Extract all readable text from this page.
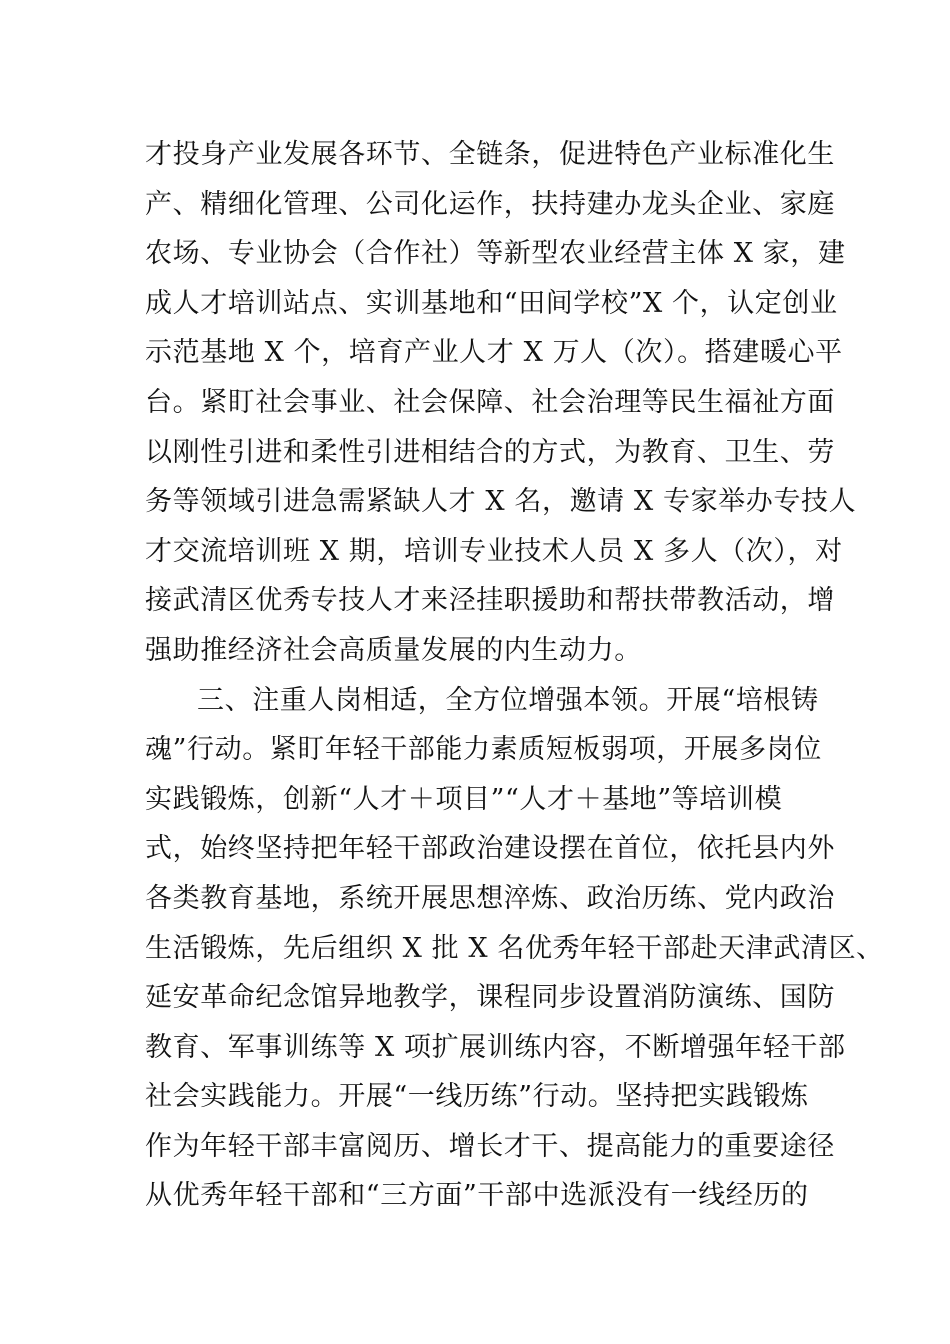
才投身产业发展各环节、全链条，促进特色产业标准化生
产、精细化管理、公司化运作，扶持建办龙头企业、家庭
农场、专业协会（合作社）等新型农业经营主体 X 家，建
成人才培训站点、实训基地和“田间学校”X 个，认定创业
示范基地 X 个，培育产业人才 X 万人（次）。搭建暖心平
台。紧盯社会事业、社会保障、社会治理等民生福祉方面
以刚性引进和柔性引进相结合的方式，为教育、卫生、劳
务等领域引进急需紧缺人才 X 名，邀请 X 专家举办专技人
才交流培训班 X 期，培训专业技术人员 X 多人（次），对
接武清区优秀专技人才来泾挂职援助和帮扶带教活动，增
强助推经济社会高质量发展的内生动力。
三、注重人岗相适，全方位增强本领。开展“培根铸
魂”行动。紧盯年轻干部能力素质短板弱项，开展多岗位
实践锻炼，创新“人才＋项目”“人才＋基地”等培训模
式，始终坚持把年轻干部政治建设摆在首位，依托县内外
各类教育基地，系统开展思想淬炼、政治历练、党内政治
生活锻炼，先后组织 X 批 X 名优秀年轻干部赴天津武清区、
延安革命纪念馆异地教学，课程同步设置消防演练、国防
教育、军事训练等 X 项扩展训练内容，不断增强年轻干部
社会实践能力。开展“一线历练”行动。坚持把实践锻炼
作为年轻干部丰富阅历、增长才干、提高能力的重要途径
从优秀年轻干部和“三方面”干部中选派没有一线经历的
